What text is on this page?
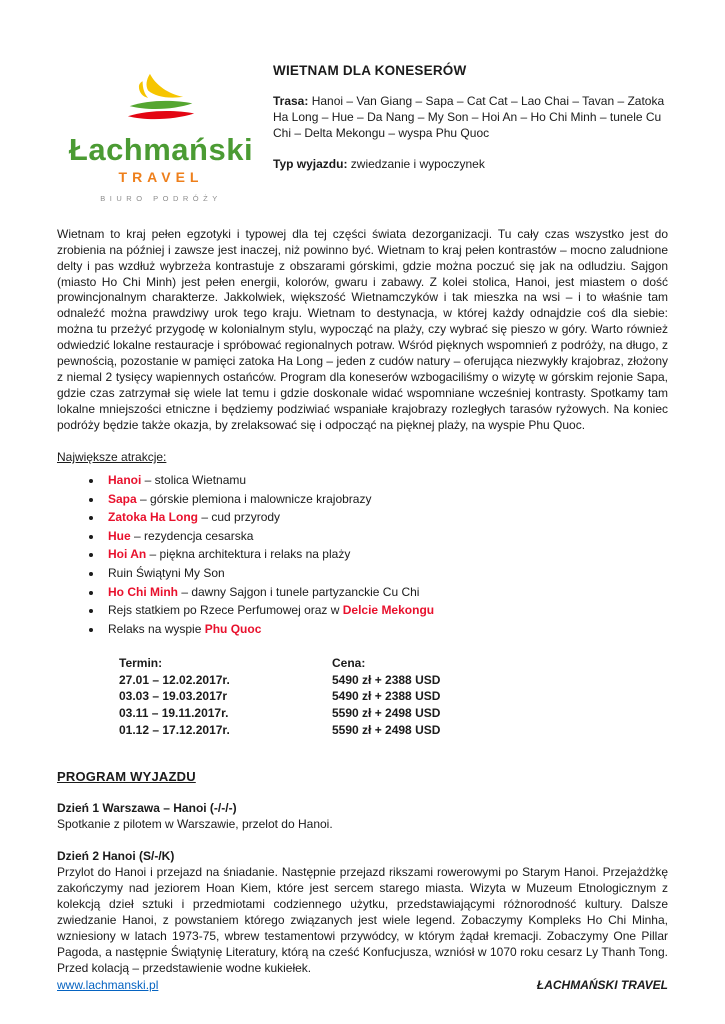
Łachmański
TRAVEL
BIURO PODRÓŻY
WIETNAM DLA KONESERÓW

Trasa: Hanoi – Van Giang – Sapa – Cat Cat – Lao Chai – Tavan – Zatoka Ha Long – Hue – Da Nang – My Son – Hoi An – Ho Chi Minh – tunele Cu Chi – Delta Mekongu – wyspa Phu Quoc

Typ wyjazdu: zwiedzanie i wypoczynek

Wietnam to kraj pełen egzotyki i typowej dla tej części świata dezorganizacji. Tu cały czas wszystko jest do zrobienia na później i zawsze jest inaczej, niż powinno być. Wietnam to kraj pełen kontrastów – mocno zaludnione delty i pas wzdłuż wybrzeża kontrastuje z obszarami górskimi, gdzie można poczuć się jak na odludziu. Sajgon (miasto Ho Chi Minh) jest pełen energii, kolorów, gwaru i zabawy. Z kolei stolica, Hanoi, jest miastem o dość prowincjonalnym charakterze. Jakkolwiek, większość Wietnamczyków i tak mieszka na wsi – i to właśnie tam odnaleźć można prawdziwy urok tego kraju. Wietnam to destynacja, w której każdy odnajdzie coś dla siebie: można tu przeżyć przygodę w kolonialnym stylu, wypocząć na plaży, czy wybrać się pieszo w góry. Warto również odwiedzić lokalne restauracje i spróbować regionalnych potraw. Wśród pięknych wspomnień z podróży, na długo, z pewnością, pozostanie w pamięci zatoka Ha Long – jeden z cudów natury – oferująca niezwykły krajobraz, złożony z niemal 2 tysięcy wapiennych ostańców. Program dla koneserów wzbogaciliśmy o wizytę w górskim rejonie Sapa, gdzie czas zatrzymał się wiele lat temu i gdzie doskonale widać wspomniane wcześniej kontrasty. Spotkamy tam lokalne mniejszości etniczne i będziemy podziwiać wspaniałe krajobrazy rozległych tarasów ryżowych. Na koniec podróży będzie także okazja, by zrelaksować się i odpocząć na pięknej plaży, na wyspie Phu Quoc.

Największe atrakcje:

• Hanoi – stolica Wietnamu
• Sapa – górskie plemiona i malownicze krajobrazy
• Zatoka Ha Long – cud przyrody
• Hue – rezydencja cesarska
• Hoi An – piękna architektura i relaks na plaży
• Ruin Świątyni My Son
• Ho Chi Minh – dawny Sajgon i tunele partyzanckie Cu Chi
• Rejs statkiem po Rzece Perfumowej oraz w Delcie Mekongu
• Relaks na wyspie Phu Quoc
Termin:	Cena:
27.01 – 12.02.2017r.	5490 zł + 2388 USD
03.03 – 19.03.2017r	5490 zł + 2388 USD
03.11 – 19.11.2017r.	5590 zł + 2498 USD
01.12 – 17.12.2017r.	5590 zł + 2498 USD
PROGRAM WYJAZDU

Dzień 1 Warszawa – Hanoi (-/-/-)

Spotkanie z pilotem w Warszawie, przelot do Hanoi.

Dzień 2 Hanoi (S/-/K)

Przylot do Hanoi i przejazd na śniadanie. Następnie przejazd rikszami rowerowymi po Starym Hanoi. Przejażdżkę zakończymy nad jeziorem Hoan Kiem, które jest sercem starego miasta. Wizyta w Muzeum Etnologicznym z kolekcją dzieł sztuki i przedmiotami codziennego użytku, przedstawiającymi różnorodność kultury. Dalsze zwiedzanie Hanoi, z powstaniem którego związanych jest wiele legend. Zobaczymy Kompleks Ho Chi Minha, wzniesiony w latach 1973-75, wbrew testamentowi przywódcy, w którym żądał kremacji. Zobaczymy One Pillar Pagoda, a następnie Świątynię Literatury, którą na cześć Konfucjusza, wzniósł w 1070 roku cesarz Ly Thanh Tong. Przed kolacją – przedstawienie wodne kukiełek.

www.lachmanski.pl	ŁACHMAŃSKI TRAVEL
